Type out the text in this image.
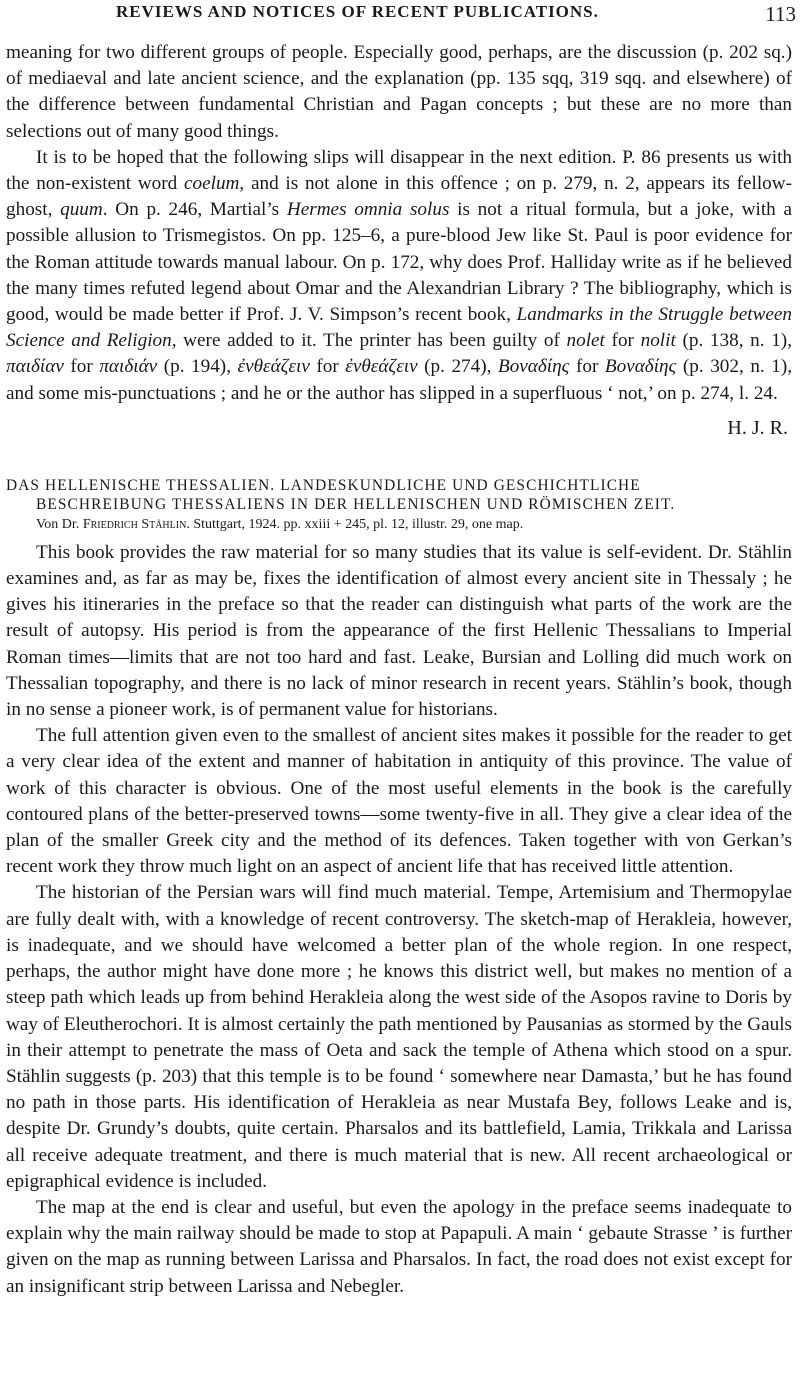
REVIEWS AND NOTICES OF RECENT PUBLICATIONS.	113

meaning for two different groups of people. Especially good, perhaps, are the discussion (p. 202 sq.) of mediaeval and late ancient science, and the explanation (pp. 135 sqq, 319 sqq. and elsewhere) of the difference between fundamental Christian and Pagan concepts ; but these are no more than selections out of many good things.

It is to be hoped that the following slips will disappear in the next edition. P. 86 presents us with the non-existent word coelum, and is not alone in this offence ; on p. 279, n. 2, appears its fellow-ghost, quum. On p. 246, Martial’s Hermes omnia solus is not a ritual formula, but a joke, with a possible allusion to Trismegistos. On pp. 125–6, a pure-blood Jew like St. Paul is poor evidence for the Roman attitude towards manual labour. On p. 172, why does Prof. Halliday write as if he believed the many times refuted legend about Omar and the Alexandrian Library ? The bibliography, which is good, would be made better if Prof. J. V. Simpson’s recent book, Landmarks in the Struggle between Science and Religion, were added to it. The printer has been guilty of nolet for nolit (p. 138, n. 1), παιδίαν for παιδιάν (p. 194), ἐνθεάζειν for ἐνθεάζειν (p. 274), Βοναδίης for Βοναδίης (p. 302, n. 1), and some mis-punctuations ; and he or the author has slipped in a superfluous ‘ not,’ on p. 274, l. 24.

H. J. R.
DAS HELLENISCHE THESSALIEN. LANDESKUNDLICHE UND GESCHICHTLICHE
BESCHREIBUNG THESSALIENS IN DER HELLENISCHEN UND RÖMISCHEN ZEIT.
Von Dr. Friedrich Stählin. Stuttgart, 1924. pp. xxiii + 245, pl. 12, illustr. 29, one map.

This book provides the raw material for so many studies that its value is self-evident. Dr. Stählin examines and, as far as may be, fixes the identification of almost every ancient site in Thessaly ; he gives his itineraries in the preface so that the reader can distinguish what parts of the work are the result of autopsy. His period is from the appearance of the first Hellenic Thessalians to Imperial Roman times—limits that are not too hard and fast. Leake, Bursian and Lolling did much work on Thessalian topography, and there is no lack of minor research in recent years. Stählin’s book, though in no sense a pioneer work, is of permanent value for historians.

The full attention given even to the smallest of ancient sites makes it possible for the reader to get a very clear idea of the extent and manner of habitation in antiquity of this province. The value of work of this character is obvious. One of the most useful elements in the book is the carefully contoured plans of the better-preserved towns—some twenty-five in all. They give a clear idea of the plan of the smaller Greek city and the method of its defences. Taken together with von Gerkan’s recent work they throw much light on an aspect of ancient life that has received little attention.

The historian of the Persian wars will find much material. Tempe, Artemisium and Thermopylae are fully dealt with, with a knowledge of recent controversy. The sketch-map of Herakleia, however, is inadequate, and we should have welcomed a better plan of the whole region. In one respect, perhaps, the author might have done more ; he knows this district well, but makes no mention of a steep path which leads up from behind Herakleia along the west side of the Asopos ravine to Doris by way of Eleutherochori. It is almost certainly the path mentioned by Pausanias as stormed by the Gauls in their attempt to penetrate the mass of Oeta and sack the temple of Athena which stood on a spur. Stählin suggests (p. 203) that this temple is to be found ‘ somewhere near Damasta,’ but he has found no path in those parts. His identification of Herakleia as near Mustafa Bey, follows Leake and is, despite Dr. Grundy’s doubts, quite certain. Pharsalos and its battlefield, Lamia, Trikkala and Larissa all receive adequate treatment, and there is much material that is new. All recent archaeological or epigraphical evidence is included.

The map at the end is clear and useful, but even the apology in the preface seems inadequate to explain why the main railway should be made to stop at Papapuli. A main ‘ gebaute Strasse ’ is further given on the map as running between Larissa and Pharsalos. In fact, the road does not exist except for an insignificant strip between Larissa and Nebegler.
